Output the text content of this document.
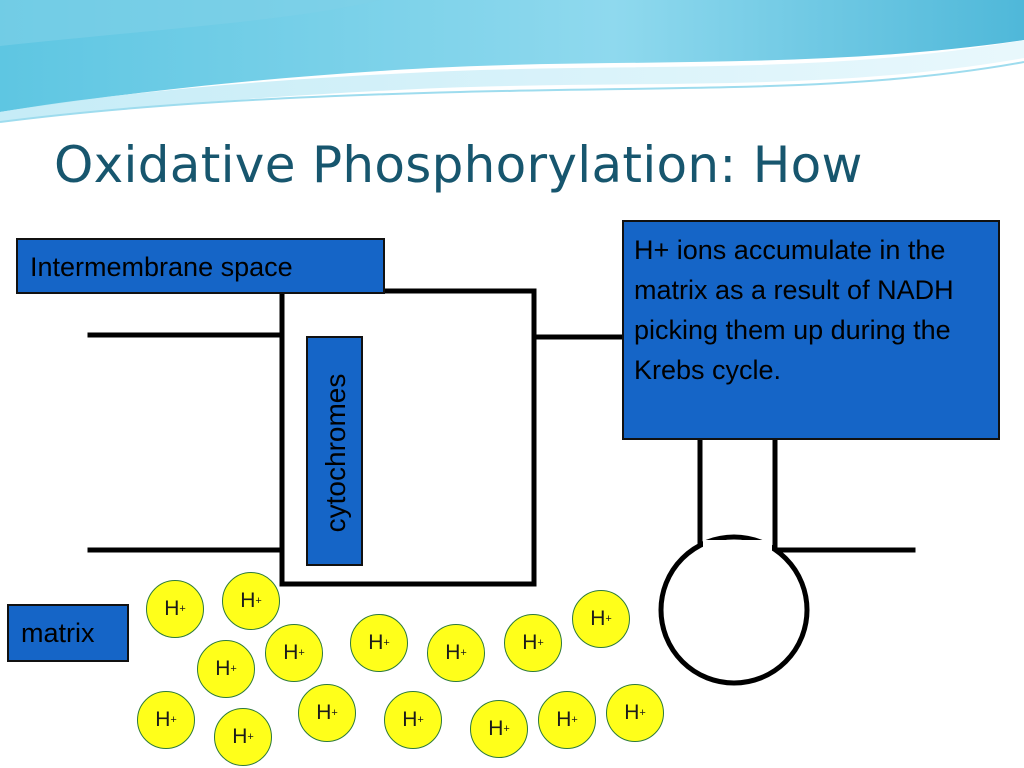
Oxidative Phosphorylation: How
Intermembrane space
cytochromes
H+ ions accumulate in the matrix as a result of NADH picking them up during the Krebs cycle.
matrix
H +	H +
H +
H +	H +
H +	H +
H +
H +	H +
H +	H +	H +
H +
H +
